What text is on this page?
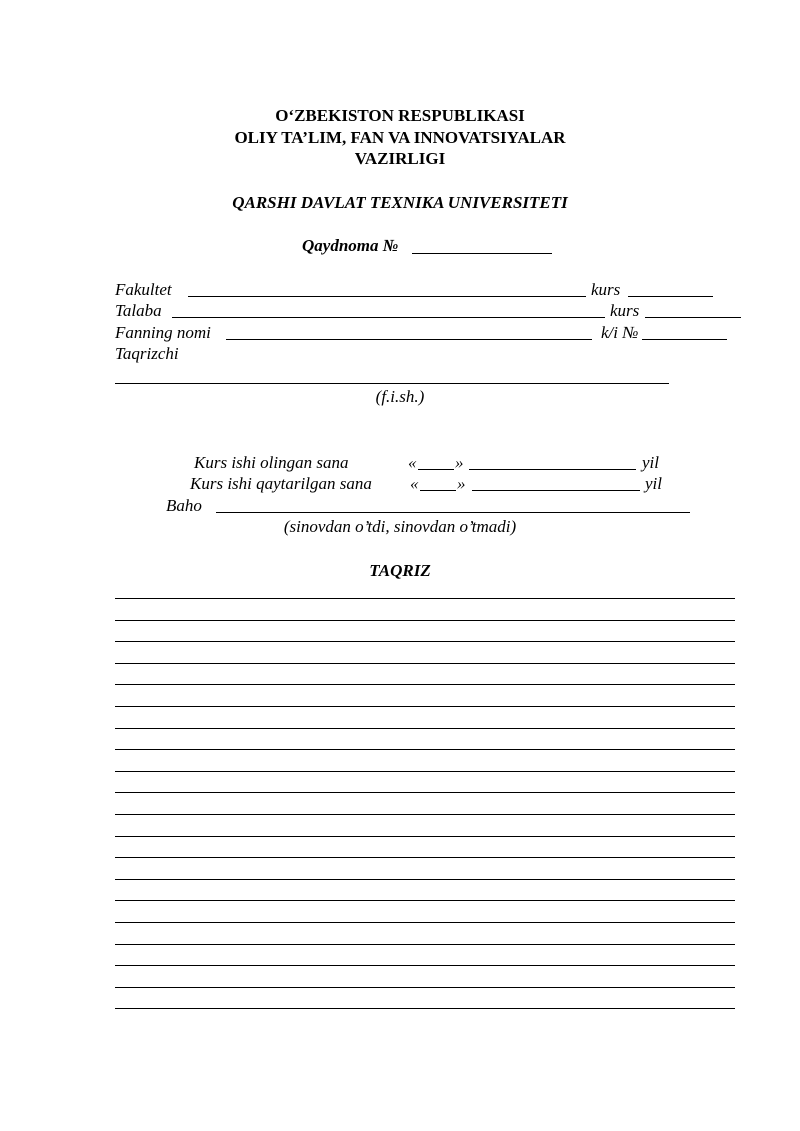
O‘ZBEKISTON RESPUBLIKASI
OLIY TA’LIM, FAN VA INNOVATSIYALAR
VAZIRLIGI
QARSHI DAVLAT TEXNIKA UNIVERSITETI
Qaydnoma №
Fakultet	kurs
Talaba	kurs
Fanning nomi	k/i №
Taqrizchi
(f.i.sh.)
Kurs ishi olingan sana	« »	yil
Kurs ishi qaytarilgan sana « »	yil
Baho
(sinovdan o’tdi, sinovdan o’tmadi)
TAQRIZ
